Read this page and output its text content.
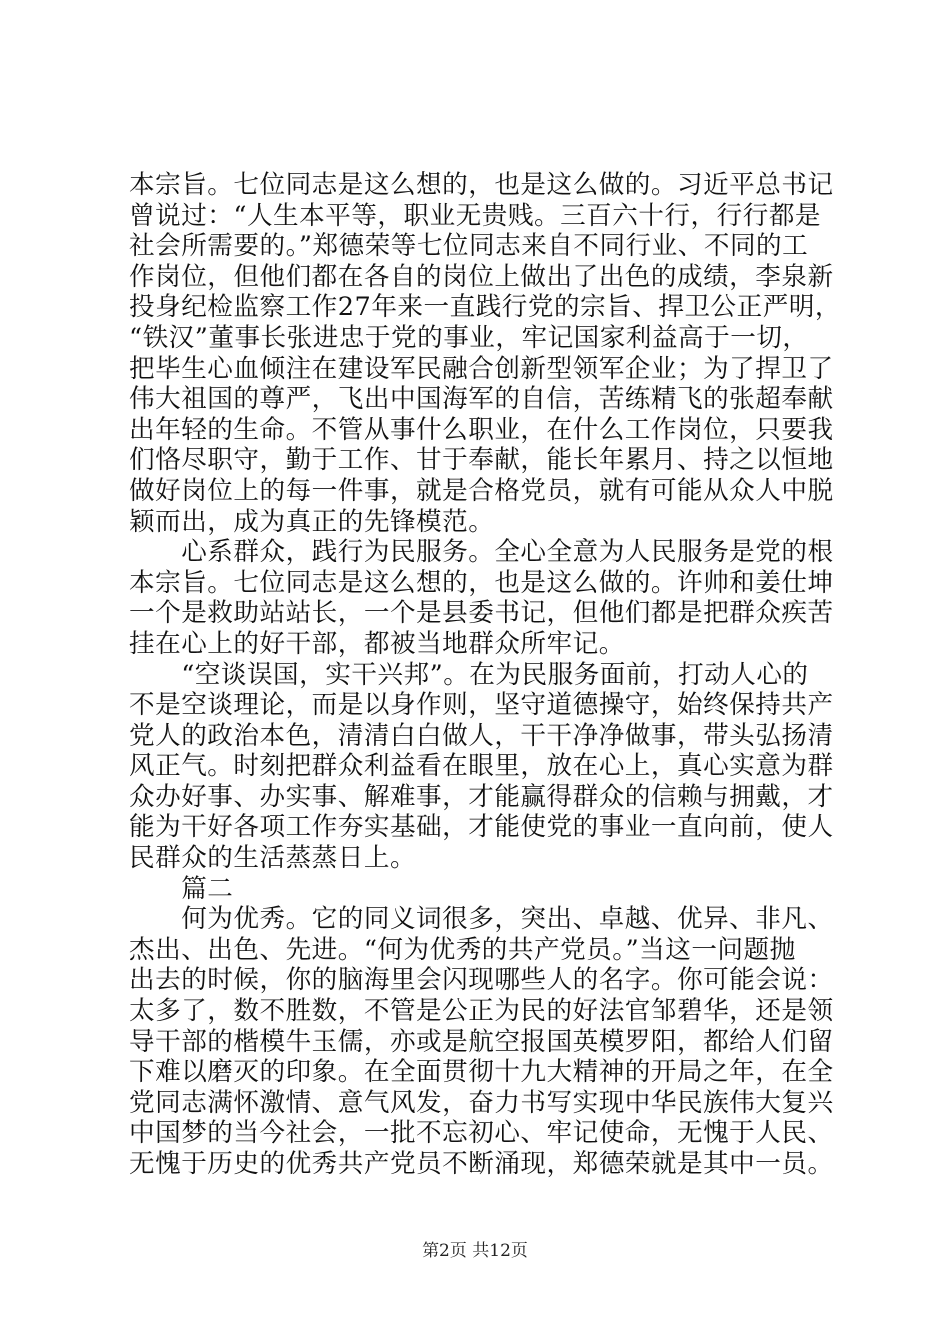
本宗旨。七位同志是这么想的，也是这么做的。习近平总书记
曾说过：“人生本平等，职业无贵贱。三百六十行，行行都是
社会所需要的。”郑德荣等七位同志来自不同行业、不同的工
作岗位，但他们都在各自的岗位上做出了出色的成绩，李泉新
投身纪检监察工作27年来一直践行党的宗旨、捍卫公正严明，
“铁汉”董事长张进忠于党的事业，牢记国家利益高于一切，
把毕生心血倾注在建设军民融合创新型领军企业；为了捍卫了
伟大祖国的尊严，飞出中国海军的自信，苦练精飞的张超奉献
出年轻的生命。不管从事什么职业，在什么工作岗位，只要我
们恪尽职守，勤于工作、甘于奉献，能长年累月、持之以恒地
做好岗位上的每一件事，就是合格党员，就有可能从众人中脱
颖而出，成为真正的先锋模范。
　　心系群众，践行为民服务。全心全意为人民服务是党的根
本宗旨。七位同志是这么想的，也是这么做的。许帅和姜仕坤
一个是救助站站长，一个是县委书记，但他们都是把群众疾苦
挂在心上的好干部，都被当地群众所牢记。
　　“空谈误国，实干兴邦”。在为民服务面前，打动人心的
不是空谈理论，而是以身作则，坚守道德操守，始终保持共产
党人的政治本色，清清白白做人，干干净净做事，带头弘扬清
风正气。时刻把群众利益看在眼里，放在心上，真心实意为群
众办好事、办实事、解难事，才能赢得群众的信赖与拥戴，才
能为干好各项工作夯实基础，才能使党的事业一直向前，使人
民群众的生活蒸蒸日上。
　　篇二
　　何为优秀。它的同义词很多，突出、卓越、优异、非凡、
杰出、出色、先进。“何为优秀的共产党员。”当这一问题抛
出去的时候，你的脑海里会闪现哪些人的名字。你可能会说：
太多了，数不胜数，不管是公正为民的好法官邹碧华，还是领
导干部的楷模牛玉儒，亦或是航空报国英模罗阳，都给人们留
下难以磨灭的印象。在全面贯彻十九大精神的开局之年，在全
党同志满怀激情、意气风发，奋力书写实现中华民族伟大复兴
中国梦的当今社会，一批不忘初心、牢记使命，无愧于人民、
无愧于历史的优秀共产党员不断涌现，郑德荣就是其中一员。
第2页 共12页
